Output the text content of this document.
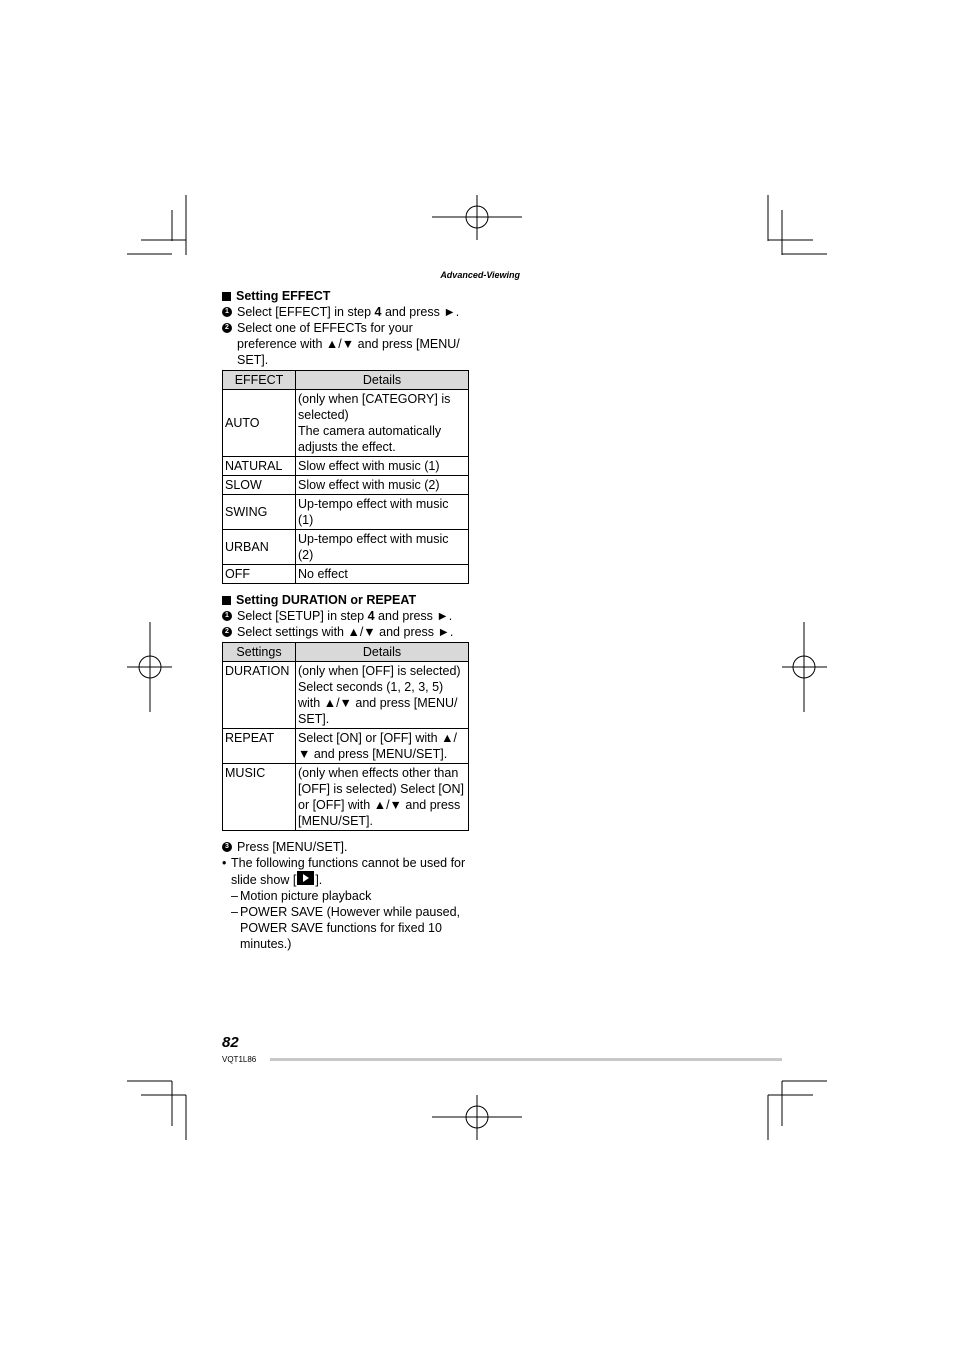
Advanced-Viewing
Setting EFFECT
1 Select [EFFECT] in step 4 and press ►.
2 Select one of EFFECTs for your preference with ▲/▼ and press [MENU/ SET].
EFFECT	Details
AUTO	(only when [CATEGORY] is selected)
The camera automatically adjusts the effect.

NATURAL	Slow effect with music (1)
SLOW	Slow effect with music (2)
SWING	Up-tempo effect with music (1)
URBAN	Up-tempo effect with music (2)
OFF	No effect
Setting DURATION or REPEAT
1 Select [SETUP] in step 4 and press ►.
2 Select settings with ▲/▼ and press ►.
Settings	Details
DURATION	(only when [OFF] is selected) Select seconds (1, 2, 3, 5) with ▲/▼ and press [MENU/ SET].
REPEAT	Select [ON] or [OFF] with ▲/▼ and press [MENU/SET].
MUSIC	(only when effects other than [OFF] is selected) Select [ON] or [OFF] with ▲/▼ and press [MENU/SET].
3 Press [MENU/SET].
• The following functions cannot be used for slide show [ ].
– Motion picture playback
– POWER SAVE (However while paused, POWER SAVE functions for fixed 10 minutes.)
82
VQT1L86
